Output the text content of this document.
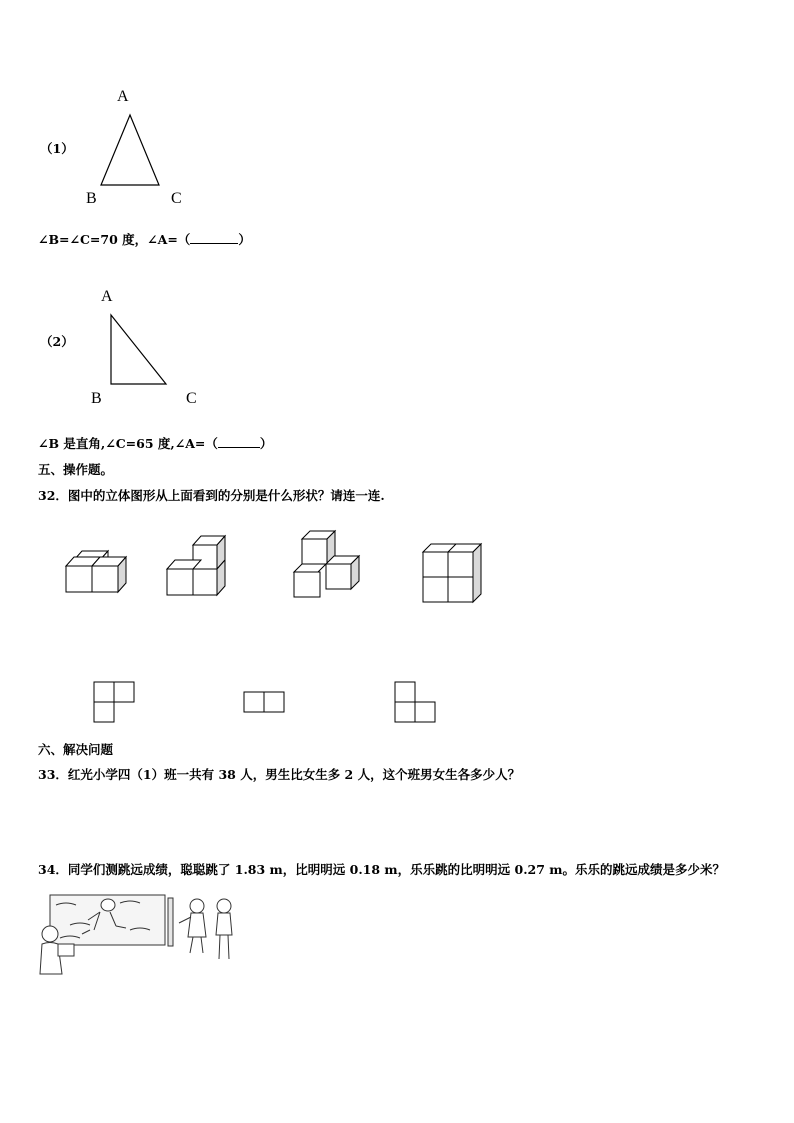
（1）
A
B	C
∠B=∠C=70 度，∠A=（	）
（2）
A
B	C
∠B 是直角,∠C=65 度,∠A=（	）
五、操作题。
32．图中的立体图形从上面看到的分别是什么形状？请连一连.
六、解决问题
33．红光小学四（1）班一共有 38 人，男生比女生多 2 人，这个班男女生各多少人？
34．同学们测跳远成绩，聪聪跳了 1.83 m，比明明远 0.18 m，乐乐跳的比明明远 0.27 m。乐乐的跳远成绩是多少米？
